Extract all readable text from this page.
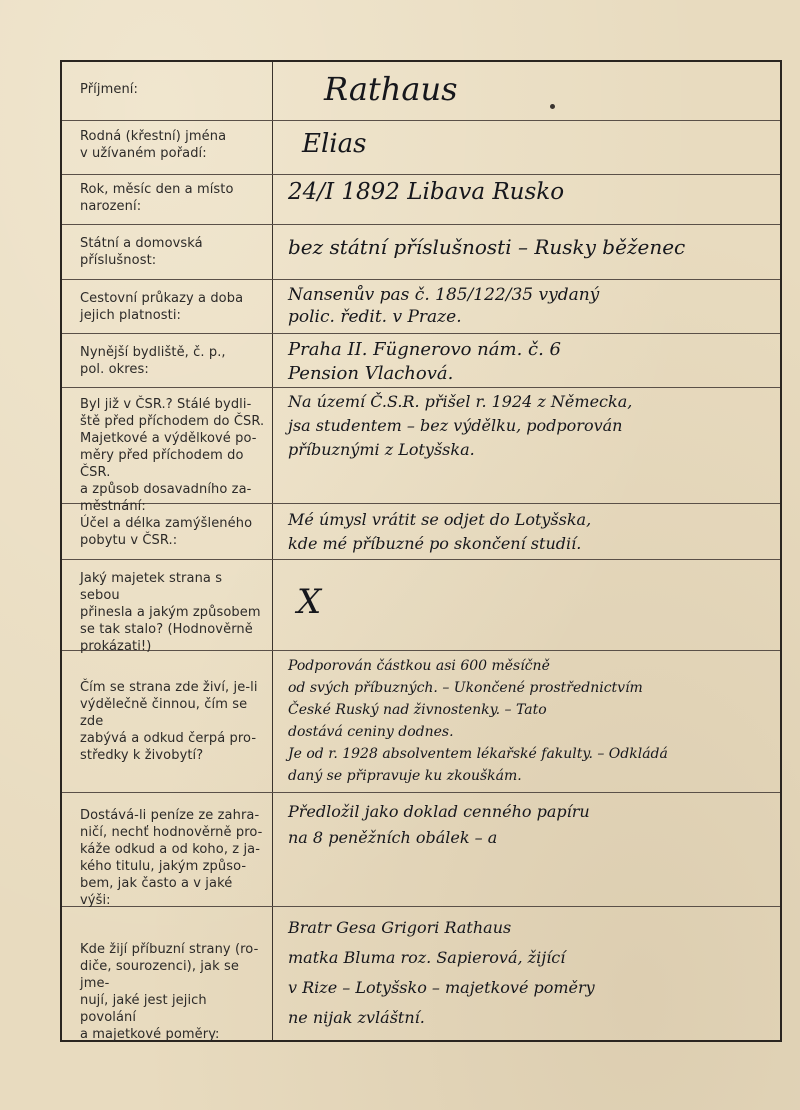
Příjmení:	Rathaus
Rodná (křestní) jména
v užívaném pořadí:	Elias
Rok, měsíc den a místo
narození:
24/I 1892 Libava Rusko
Státní a domovská
příslušnost:
bez státní příslušnosti – Rusky běženec
Cestovní průkazy a doba
jejich platnosti:
Nansenův pas č. 185/122/35 vydaný
polic. ředit. v Praze.
Nynější bydliště, č. p.,
pol. okres:
Praha II. Fügnerovo nám. č. 6
Pension Vlachová.
Byl již v ČSR.? Stálé bydli-
ště před příchodem do ČSR.
Majetkové a výdělkové po-
měry před příchodem do ČSR.
a způsob dosavadního za-
městnání:
Na území Č.S.R. přišel r. 1924 z Německa,
jsa studentem – bez výdělku, podporován
příbuznými z Lotyšska.
Účel a délka zamýšleného
pobytu v ČSR.:
Mé úmysl vrátit se odjet do Lotyšska,
kde mé příbuzné po skončení studií.
Jaký majetek strana s sebou
přinesla a jakým způsobem
se tak stalo? (Hodnověrně
prokázati!)
X
Čím se strana zde živí, je-li
výdělečně činnou, čím se zde
zabývá a odkud čerpá pro-
středky k živobytí?
Podporován částkou asi 600 měsíčně
od svých příbuzných. – Ukončené prostřednictvím
České Ruský nad živnostenky. – Tato
dostává ceniny dodnes.
Je od r. 1928 absolventem lékařské fakulty. – Odkládá
daný se připravuje ku zkouškám.
Dostává-li peníze ze zahra-
ničí, nechť hodnověrně pro-
káže odkud a od koho, z ja-
kého titulu, jakým způso-
bem, jak často a v jaké výši:
Předložil jako doklad cenného papíru
na 8 peněžních obálek – a
Kde žijí příbuzní strany (ro-
diče, sourozenci), jak se jme-
nují, jaké jest jejich povolání
a majetkové poměry:
Bratr Gesa Grigori Rathaus
matka Bluma roz. Sapierová, žijící
v Rize – Lotyšsko – majetkové poměry
ne nijak zvláštní.
